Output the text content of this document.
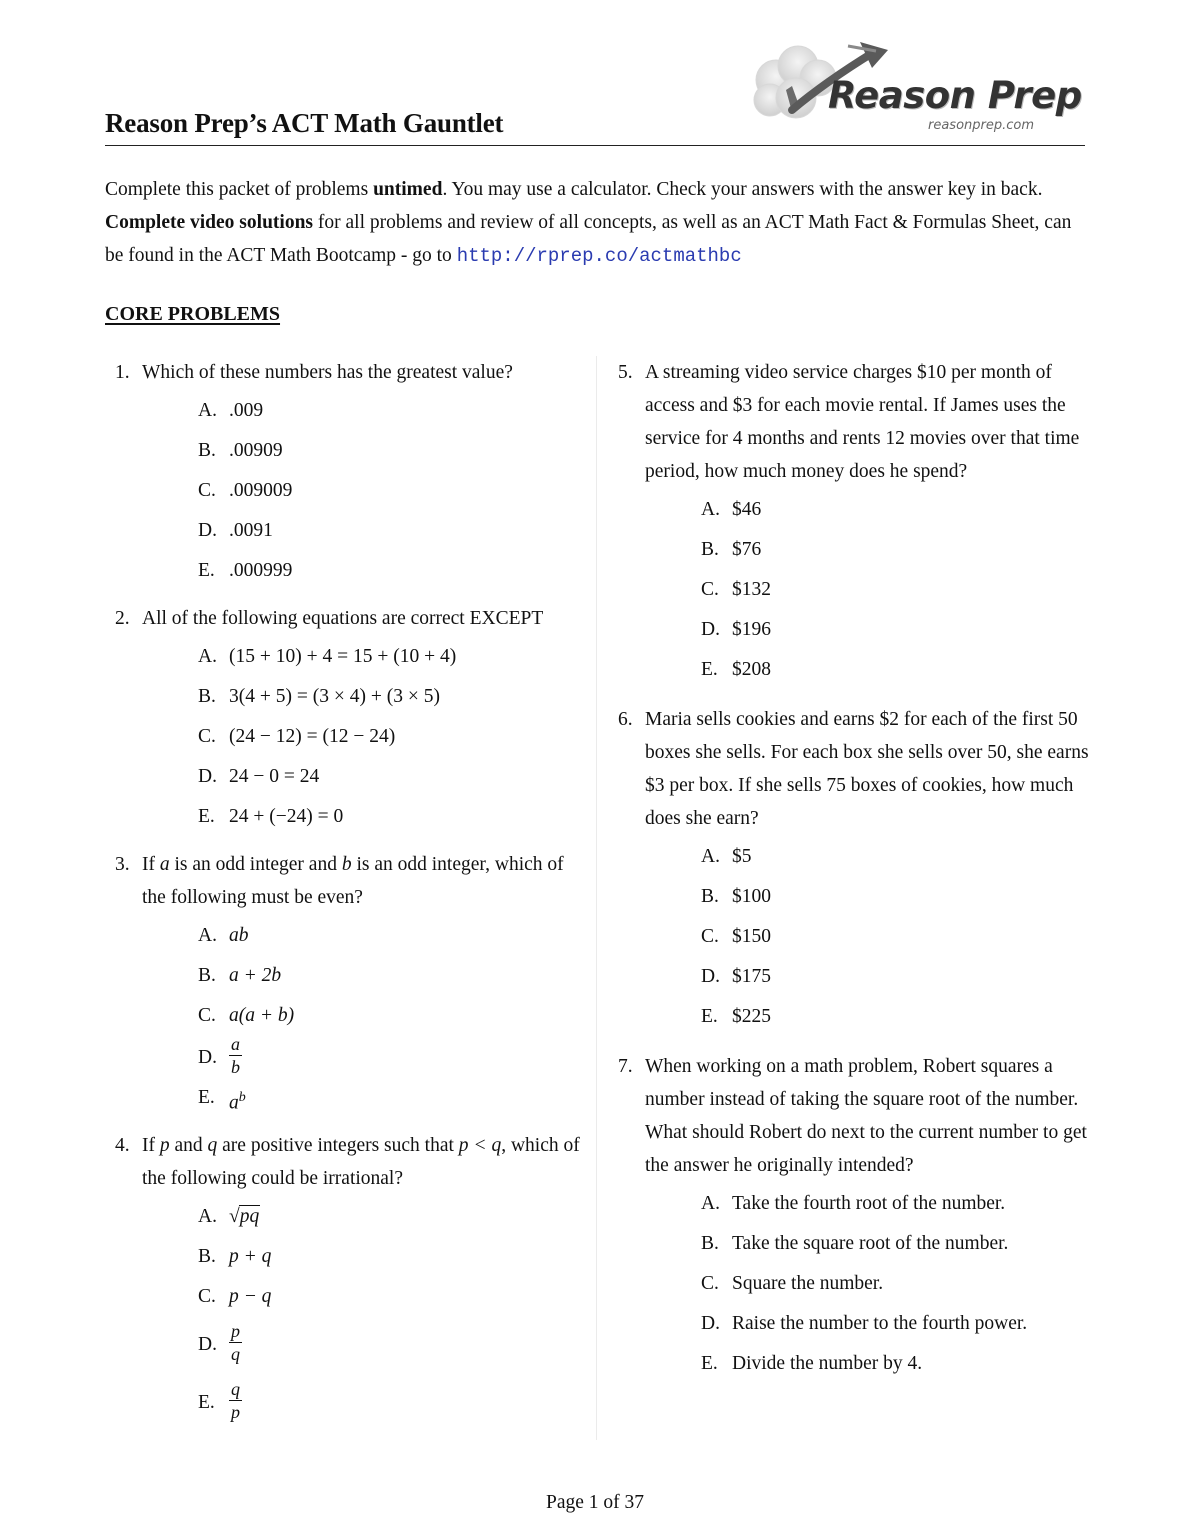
Reason Prep
reasonprep.com
Reason Prep’s ACT Math Gauntlet
Complete this packet of problems untimed. You may use a calculator. Check your answers with the answer key in back. Complete video solutions for all problems and review of all concepts, as well as an ACT Math Fact & Formulas Sheet, can be found in the ACT Math Bootcamp - go to http://rprep.co/actmathbc
CORE PROBLEMS
1. Which of these numbers has the greatest value?
A. .009
B. .00909
C. .009009
D. .0091
E. .000999
2. All of the following equations are correct EXCEPT
A. (15 + 10) + 4 = 15 + (10 + 4)
B. 3(4 + 5) = (3 × 4) + (3 × 5)
C. (24 − 12) = (12 − 24)
D. 24 − 0 = 24
E. 24 + (−24) = 0
3. If a is an odd integer and b is an odd integer, which of the following must be even?
A. ab
B. a + 2b
C. a(a + b)
D. $\frac{a}{b}$
E. $a^b$
4. If p and q are positive integers such that p < q, which of the following could be irrational?
A. √pq
B. p + q
C. p − q
D. $\frac{p}{q}$
E. $\frac{q}{p}$
5. A streaming video service charges $10 per month of access and $3 for each movie rental. If James uses the service for 4 months and rents 12 movies over that time period, how much money does he spend?
A. $46
B. $76
C. $132
D. $196
E. $208
6. Maria sells cookies and earns $2 for each of the first 50 boxes she sells. For each box she sells over 50, she earns $3 per box. If she sells 75 boxes of cookies, how much does she earn?
A. $5
B. $100
C. $150
D. $175
E. $225
7. When working on a math problem, Robert squares a number instead of taking the square root of the number. What should Robert do next to the current number to get the answer he originally intended?
A. Take the fourth root of the number.
B. Take the square root of the number.
C. Square the number.
D. Raise the number to the fourth power.
E. Divide the number by 4.
Page 1 of 37
